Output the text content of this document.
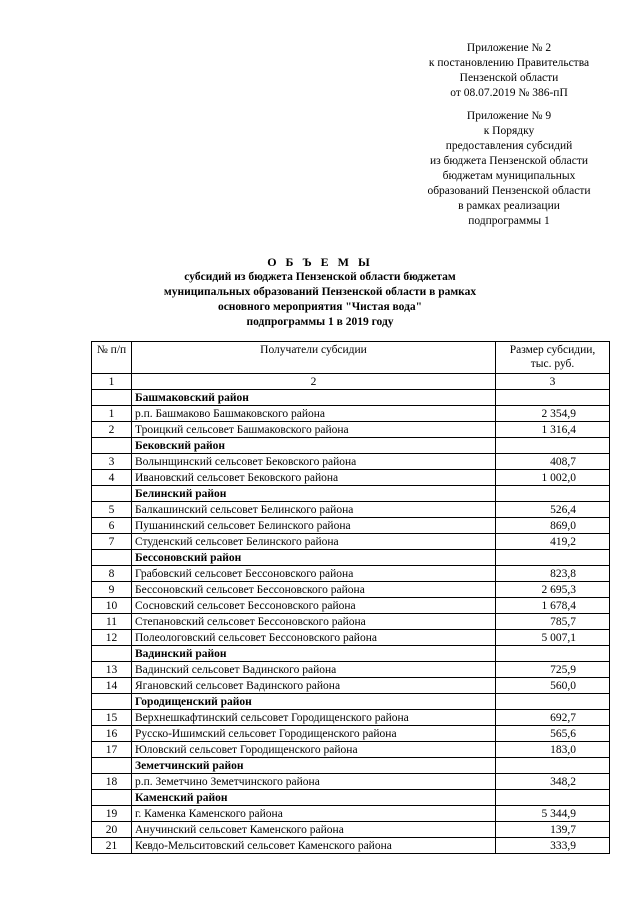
Приложение № 2
к постановлению Правительства
Пензенской области
от 08.07.2019 № 386-пП
Приложение № 9
к Порядку
предоставления субсидий
из бюджета Пензенской области
бюджетам муниципальных
образований Пензенской области
в рамках реализации
подпрограммы 1
О Б Ъ Е М Ы
субсидий из бюджета Пензенской области бюджетам
муниципальных образований Пензенской области в рамках
основного мероприятия "Чистая вода"
подпрограммы 1 в 2019 году
№ п/п	Получатели субсидии	Размер субсидии, тыс. руб.
1	2	3
	Башмаковский район	
1	р.п. Башмаково Башмаковского района	2 354,9
2	Троицкий сельсовет Башмаковского района	1 316,4
	Бековский район	
3	Волынщинский сельсовет Бековского района	408,7
4	Ивановский сельсовет Бековского района	1 002,0
	Белинский район	
5	Балкашинский сельсовет Белинского района	526,4
6	Пушанинский сельсовет Белинского района	869,0
7	Студенский сельсовет Белинского района	419,2
	Бессоновский район	
8	Грабовский сельсовет Бессоновского района	823,8
9	Бессоновский сельсовет Бессоновского района	2 695,3
10	Сосновский сельсовет Бессоновского района	1 678,4
11	Степановский сельсовет Бессоновского района	785,7
12	Полеологовский сельсовет Бессоновского района	5 007,1
	Вадинский район	
13	Вадинский сельсовет Вадинского района	725,9
14	Ягановский сельсовет Вадинского района	560,0
	Городищенский район	
15	Верхнешкафтинский сельсовет Городищенского района	692,7
16	Русско-Ишимский сельсовет Городищенского района	565,6
17	Юловский сельсовет Городищенского района	183,0
	Земетчинский район	
18	р.п. Земетчино Земетчинского района	348,2
	Каменский район	
19	г. Каменка Каменского района	5 344,9
20	Анучинский сельсовет Каменского района	139,7
21	Кевдо-Мельситовский сельсовет Каменского района	333,9
